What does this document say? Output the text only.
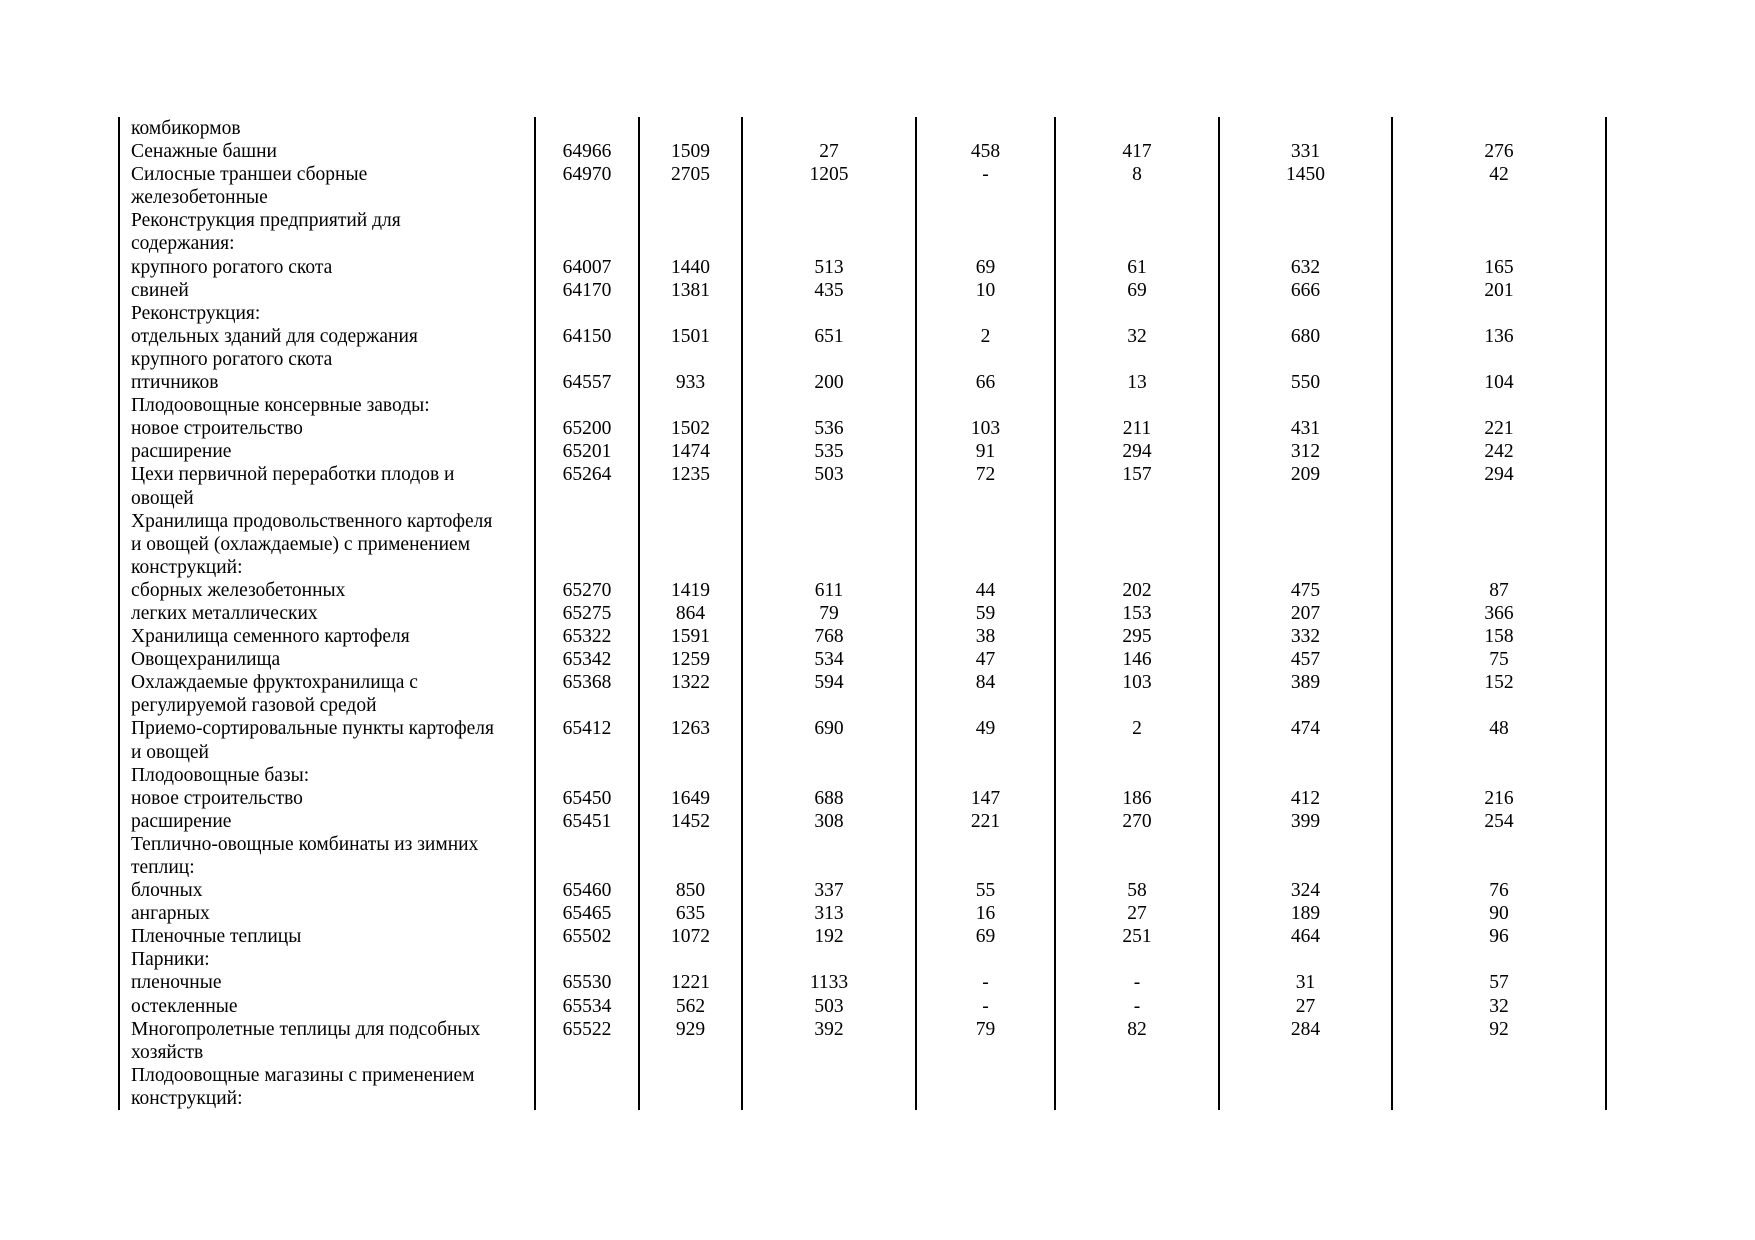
комбикормов							
Сенажные башни	64966	1509	27	458	417	331	276
Силосные траншеи сборные	64970	2705	1205	-	8	1450	42
железобетонные							
Реконструкция предприятий для							
содержания:							
крупного рогатого скота	64007	1440	513	69	61	632	165
свиней	64170	1381	435	10	69	666	201
Реконструкция:							
отдельных зданий для содержания	64150	1501	651	2	32	680	136
крупного рогатого скота							
птичников	64557	933	200	66	13	550	104
Плодоовощные консервные заводы:							
новое строительство	65200	1502	536	103	211	431	221
расширение	65201	1474	535	91	294	312	242
Цехи первичной переработки плодов и	65264	1235	503	72	157	209	294
овощей							
Хранилища продовольственного картофеля							
и овощей (охлаждаемые) с применением							
конструкций:							
сборных железобетонных	65270	1419	611	44	202	475	87
легких металлических	65275	864	79	59	153	207	366
Хранилища семенного картофеля	65322	1591	768	38	295	332	158
Овощехранилища	65342	1259	534	47	146	457	75
Охлаждаемые фруктохранилища с	65368	1322	594	84	103	389	152
регулируемой газовой средой							
Приемо-сортировальные пункты картофеля	65412	1263	690	49	2	474	48
и овощей							
Плодоовощные базы:							
новое строительство	65450	1649	688	147	186	412	216
расширение	65451	1452	308	221	270	399	254
Теплично-овощные комбинаты из зимних							
теплиц:							
блочных	65460	850	337	55	58	324	76
ангарных	65465	635	313	16	27	189	90
Пленочные теплицы	65502	1072	192	69	251	464	96
Парники:							
пленочные	65530	1221	1133	-	-	31	57
остекленные	65534	562	503	-	-	27	32
Многопролетные теплицы для подсобных	65522	929	392	79	82	284	92
хозяйств							
Плодоовощные магазины с применением							
конструкций:							
